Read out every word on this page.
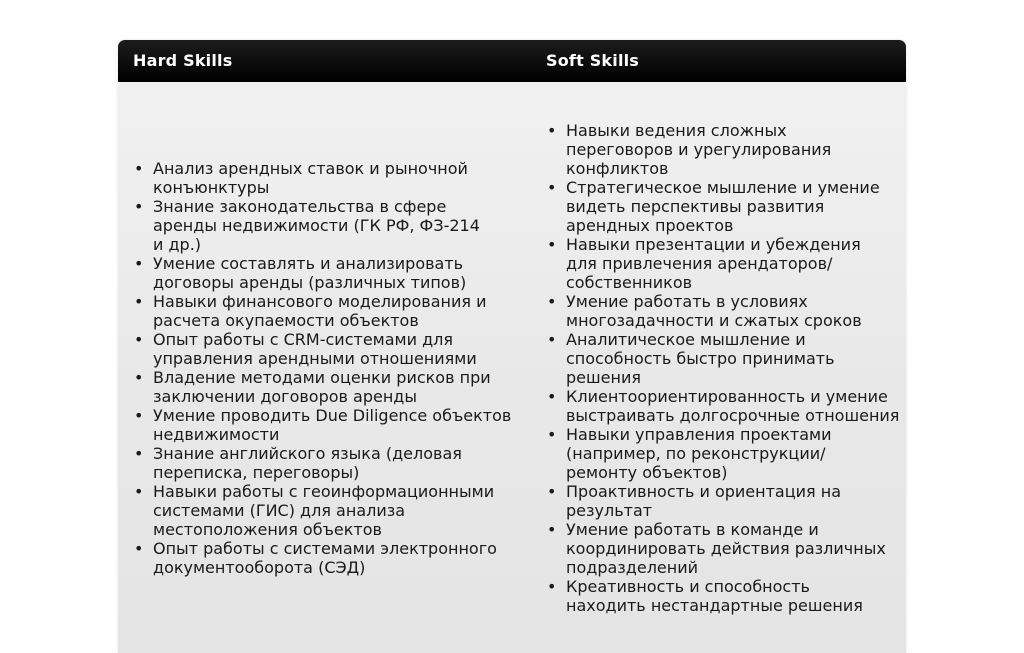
Hard Skills	Soft Skills
• Анализ арендных ставок и рыночной конъюнктуры
• Знание законодательства в сфере аренды недвижимости (ГК РФ, ФЗ-214 и др.)
• Умение составлять и анализировать договоры аренды (различных типов)
• Навыки финансового моделирования и расчета окупаемости объектов
• Опыт работы с CRM-системами для управления арендными отношениями
• Владение методами оценки рисков при заключении договоров аренды
• Умение проводить Due Diligence объектов недвижимости
• Знание английского языка (деловая переписка, переговоры)
• Навыки работы с геоинформационными системами (ГИС) для анализа местоположения объектов
• Опыт работы с системами электронного документооборота (СЭД)
• Навыки ведения сложных переговоров и урегулирования конфликтов
• Стратегическое мышление и умение видеть перспективы развития арендных проектов
• Навыки презентации и убеждения для привлечения арендаторов/собственников
• Умение работать в условиях многозадачности и сжатых сроков
• Аналитическое мышление и способность быстро принимать решения
• Клиентоориентированность и умение выстраивать долгосрочные отношения
• Навыки управления проектами (например, по реконструкции/ремонту объектов)
• Проактивность и ориентация на результат
• Умение работать в команде и координировать действия различных подразделений
• Креативность и способность находить нестандартные решения
